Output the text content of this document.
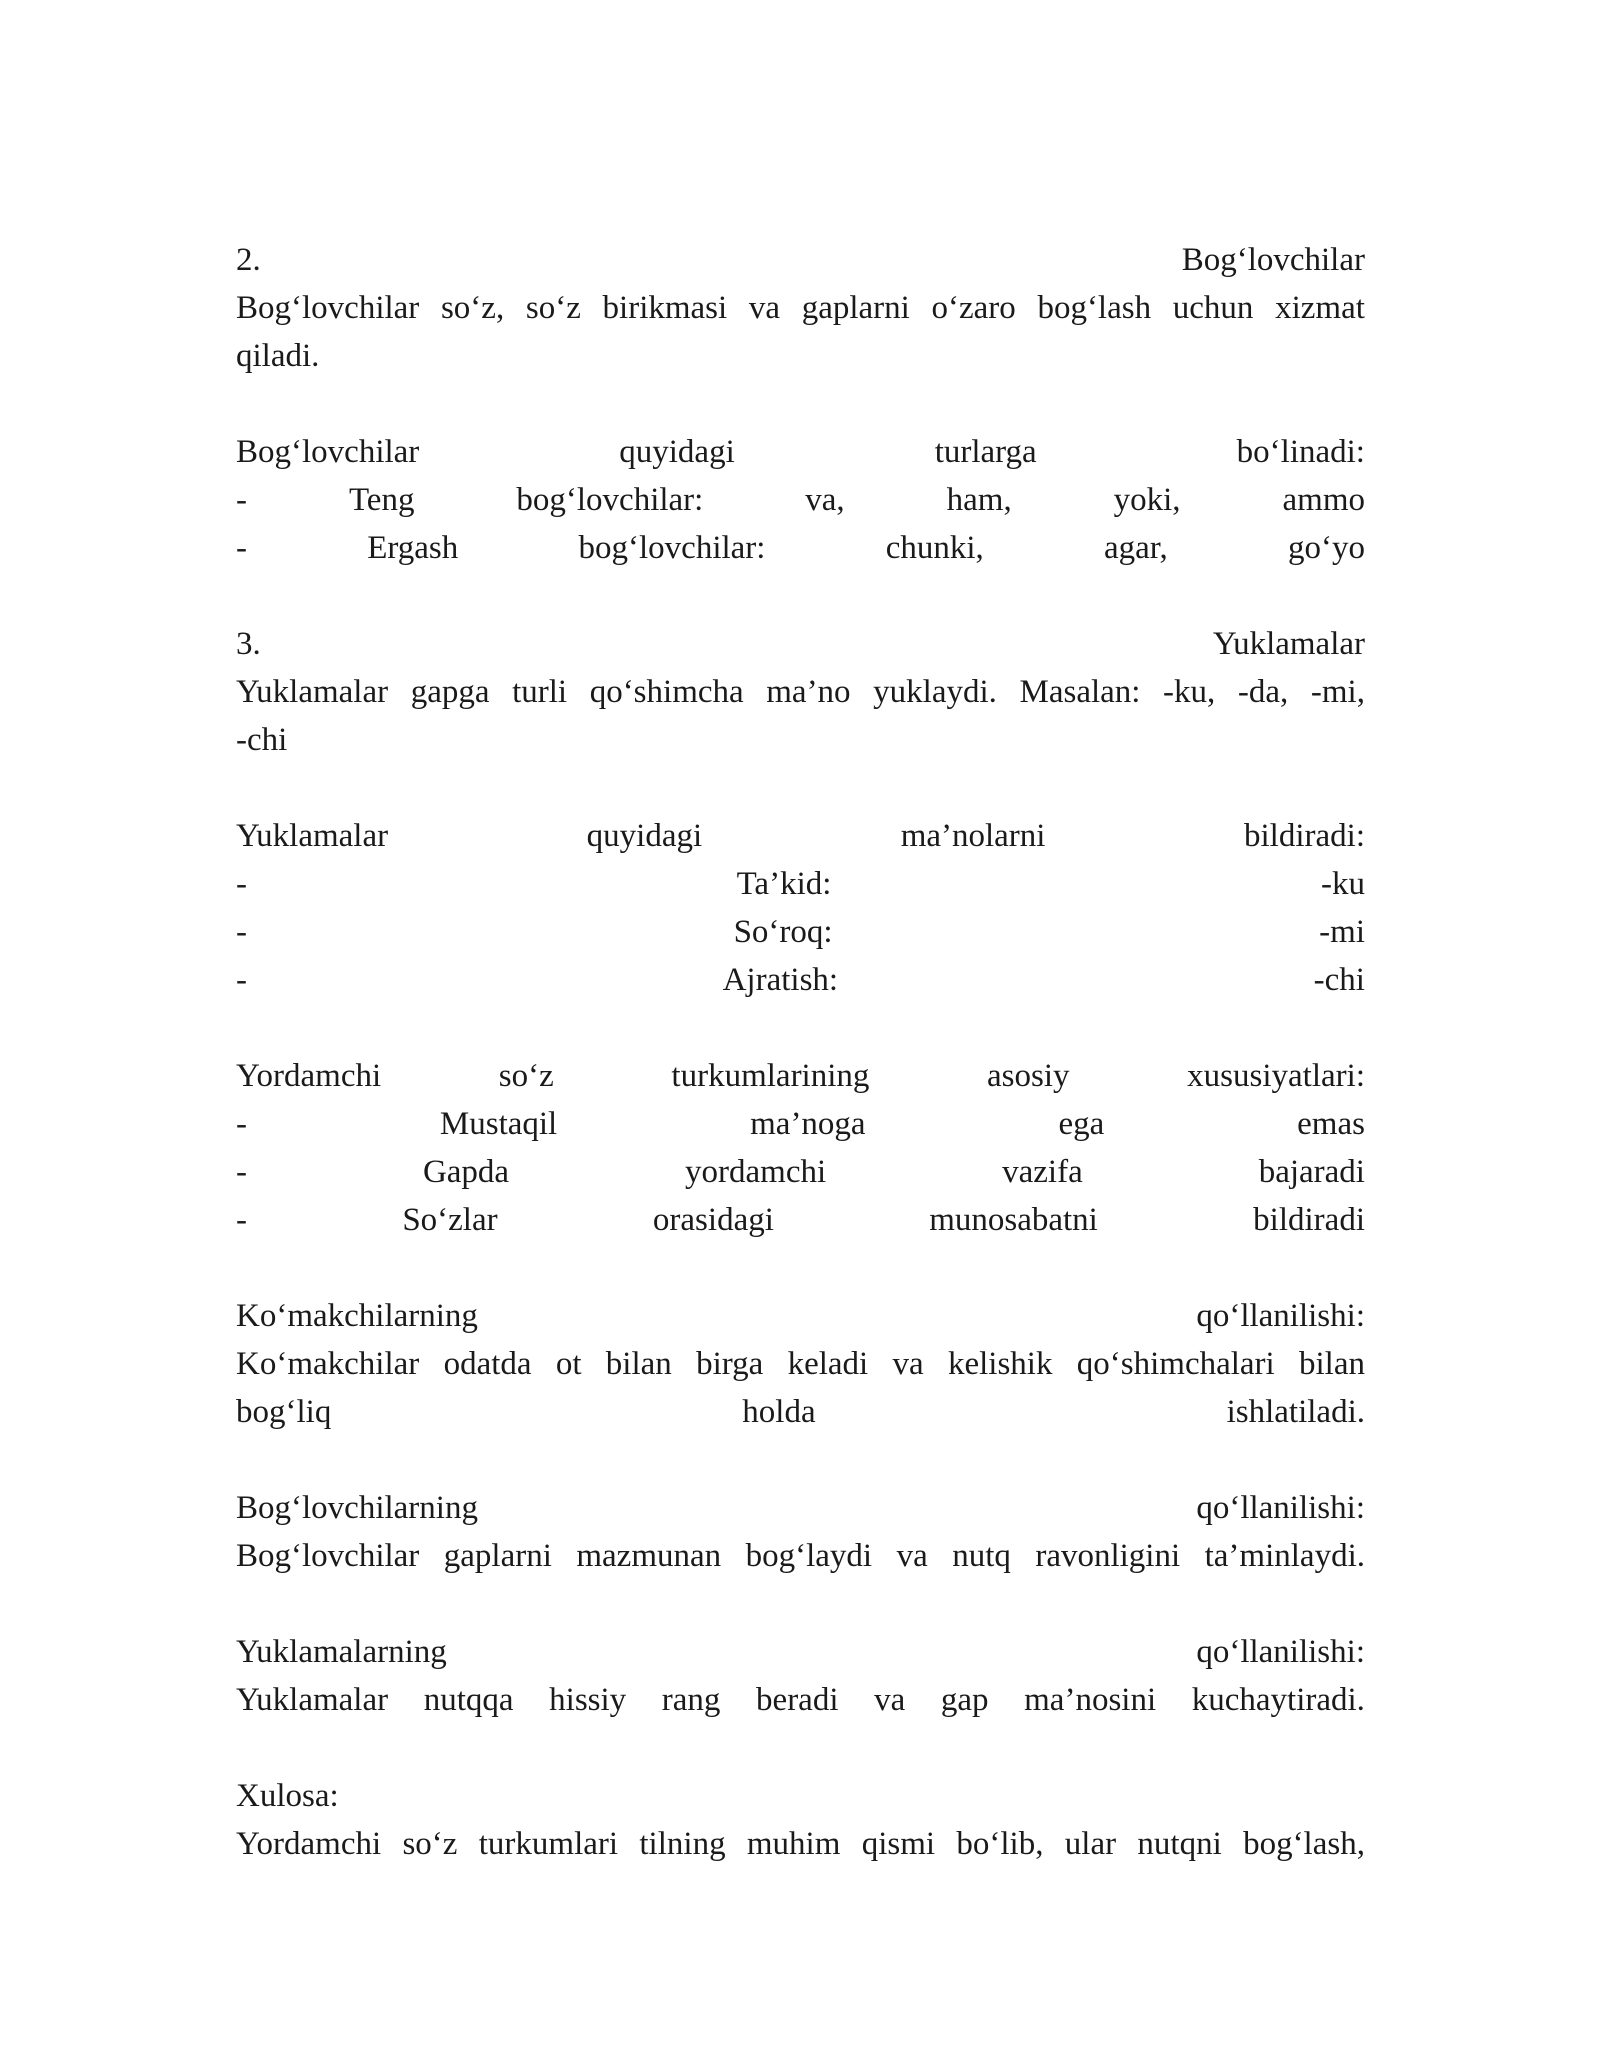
2.	Bog‘lovchilar
Bog‘lovchilar so‘z, so‘z birikmasi va gaplarni o‘zaro bog‘lash uchun xizmat
qiladi.
Bog‘lovchilar	quyidagi	turlarga	bo‘linadi:
-	Teng	bog‘lovchilar:	va,	ham,	yoki,	ammo
-	Ergash	bog‘lovchilar:	chunki,	agar,	go‘yo
3.	Yuklamalar
Yuklamalar gapga turli qo‘shimcha ma’no yuklaydi. Masalan: -ku, -da, -mi,
-chi
Yuklamalar	quyidagi	ma’nolarni	bildiradi:
-	Ta’kid:	-ku
-	So‘roq:	-mi
-	Ajratish:	-chi
Yordamchi	so‘z	turkumlarining	asosiy	xususiyatlari:
-	Mustaqil	ma’noga	ega	emas
-	Gapda	yordamchi	vazifa	bajaradi
-	So‘zlar	orasidagi	munosabatni	bildiradi
Ko‘makchilarning	qo‘llanilishi:
Ko‘makchilar odatda ot bilan birga keladi va kelishik qo‘shimchalari bilan
bog‘liq	holda	ishlatiladi.
Bog‘lovchilarning	qo‘llanilishi:
Bog‘lovchilar gaplarni mazmunan bog‘laydi va nutq ravonligini ta’minlaydi.
Yuklamalarning	qo‘llanilishi:
Yuklamalar nutqqa hissiy rang beradi va gap ma’nosini kuchaytiradi.
Xulosa:
Yordamchi so‘z turkumlari tilning muhim qismi bo‘lib, ular nutqni bog‘lash,
